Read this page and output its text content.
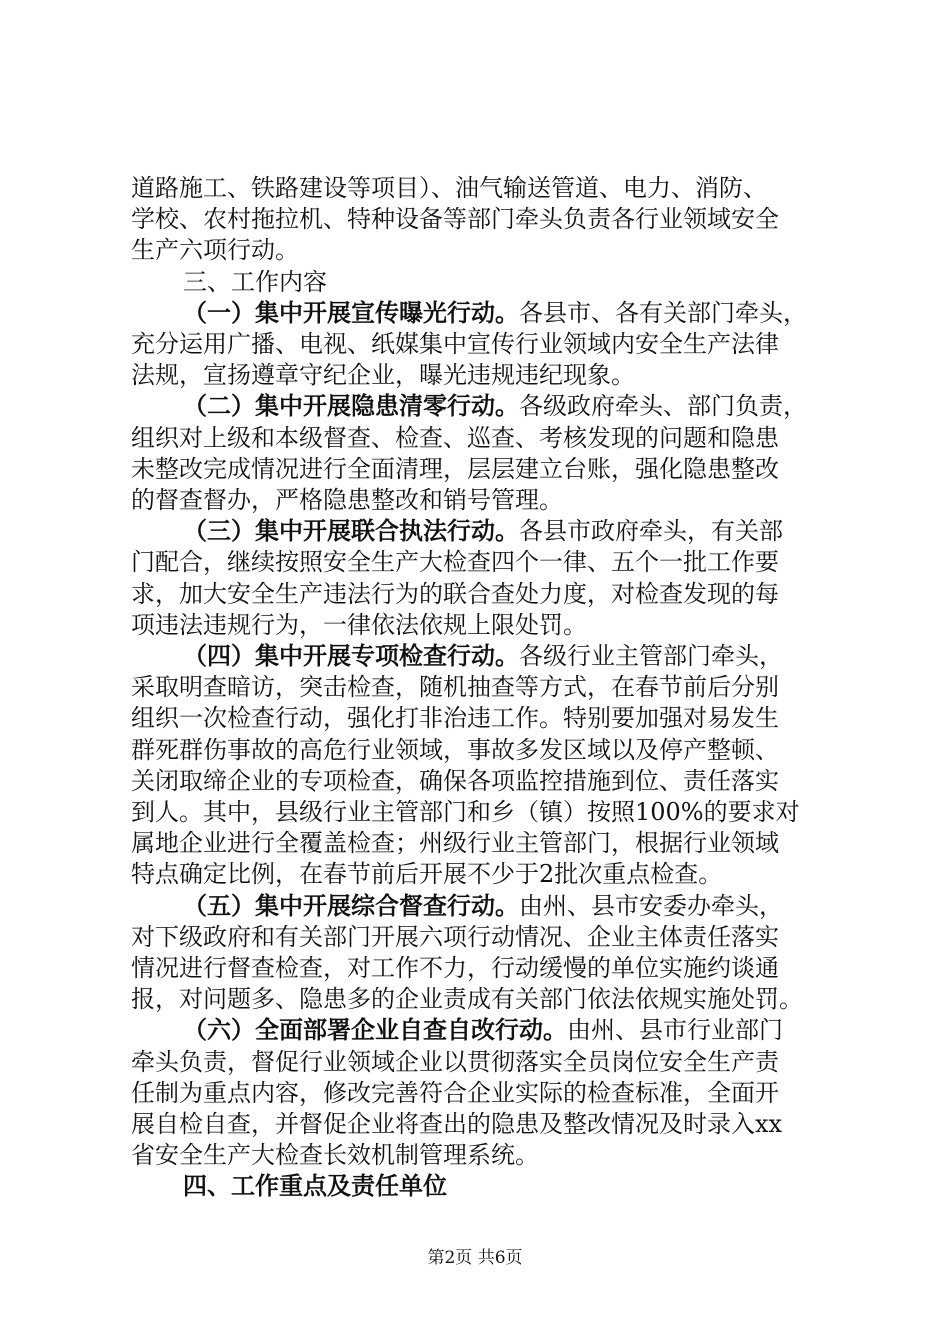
道路施工、铁路建设等项目）、油气输送管道、电力、消防、
学校、农村拖拉机、特种设备等部门牵头负责各行业领域安全
生产六项行动。
三、工作内容
（一）集中开展宣传曝光行动。各县市、各有关部门牵头，
充分运用广播、电视、纸媒集中宣传行业领域内安全生产法律
法规，宣扬遵章守纪企业，曝光违规违纪现象。
（二）集中开展隐患清零行动。各级政府牵头、部门负责，
组织对上级和本级督查、检查、巡查、考核发现的问题和隐患
未整改完成情况进行全面清理，层层建立台账，强化隐患整改
的督查督办，严格隐患整改和销号管理。
（三）集中开展联合执法行动。各县市政府牵头，有关部
门配合，继续按照安全生产大检查四个一律、五个一批工作要
求，加大安全生产违法行为的联合查处力度，对检查发现的每
项违法违规行为，一律依法依规上限处罚。
（四）集中开展专项检查行动。各级行业主管部门牵头，
采取明查暗访，突击检查，随机抽查等方式，在春节前后分别
组织一次检查行动，强化打非治违工作。特别要加强对易发生
群死群伤事故的高危行业领域，事故多发区域以及停产整顿、
关闭取缔企业的专项检查，确保各项监控措施到位、责任落实
到人。其中，县级行业主管部门和乡（镇）按照100%的要求对
属地企业进行全覆盖检查；州级行业主管部门，根据行业领域
特点确定比例，在春节前后开展不少于2批次重点检查。
（五）集中开展综合督查行动。由州、县市安委办牵头，
对下级政府和有关部门开展六项行动情况、企业主体责任落实
情况进行督查检查，对工作不力，行动缓慢的单位实施约谈通
报，对问题多、隐患多的企业责成有关部门依法依规实施处罚。
（六）全面部署企业自查自改行动。由州、县市行业部门
牵头负责，督促行业领域企业以贯彻落实全员岗位安全生产责
任制为重点内容，修改完善符合企业实际的检查标准，全面开
展自检自查，并督促企业将查出的隐患及整改情况及时录入xx
省安全生产大检查长效机制管理系统。
四、工作重点及责任单位
第2页 共6页
